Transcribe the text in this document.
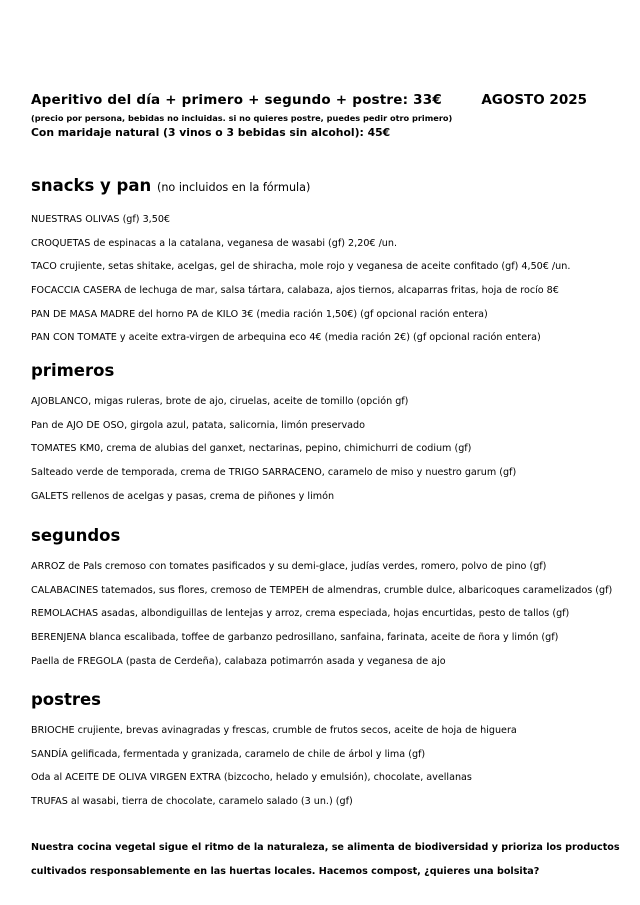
Aperitivo del día + primero + segundo + postre: 33€	AGOSTO 2025
(precio por persona, bebidas no incluidas. si no quieres postre, puedes pedir otro primero)
Con maridaje natural (3 vinos o 3 bebidas sin alcohol): 45€
snacks y pan (no incluidos en la fórmula)
NUESTRAS OLIVAS (gf) 3,50€
CROQUETAS de espinacas a la catalana, veganesa de wasabi (gf) 2,20€ /un.
TACO crujiente, setas shitake, acelgas, gel de shiracha, mole rojo y veganesa de aceite confitado (gf) 4,50€ /un.
FOCACCIA CASERA de lechuga de mar, salsa tártara, calabaza, ajos tiernos, alcaparras fritas, hoja de rocío 8€
PAN DE MASA MADRE del horno PA de KILO 3€ (media ración 1,50€) (gf opcional ración entera)
PAN CON TOMATE y aceite extra-virgen de arbequina eco 4€ (media ración 2€) (gf opcional ración entera)
primeros
AJOBLANCO, migas ruleras, brote de ajo, ciruelas, aceite de tomillo (opción gf)
Pan de AJO DE OSO, girgola azul, patata, salicornia, limón preservado
TOMATES KM0, crema de alubias del ganxet, nectarinas, pepino, chimichurri de codium (gf)
Salteado verde de temporada, crema de TRIGO SARRACENO, caramelo de miso y nuestro garum (gf)
GALETS rellenos de acelgas y pasas, crema de piñones y limón
segundos
ARROZ de Pals cremoso con tomates pasificados y su demi-glace, judías verdes, romero, polvo de pino (gf)
CALABACINES tatemados, sus flores, cremoso de TEMPEH de almendras, crumble dulce, albaricoques caramelizados (gf)
REMOLACHAS asadas, albondiguillas de lentejas y arroz, crema especiada, hojas encurtidas, pesto de tallos (gf)
BERENJENA blanca escalibada, toffee de garbanzo pedrosillano, sanfaina, farinata, aceite de ñora y limón (gf)
Paella de FREGOLA (pasta de Cerdeña), calabaza potimarrón asada y veganesa de ajo
postres
BRIOCHE crujiente, brevas avinagradas y frescas, crumble de frutos secos, aceite de hoja de higuera
SANDÍA gelificada, fermentada y granizada, caramelo de chile de árbol y lima (gf)
Oda al ACEITE DE OLIVA VIRGEN EXTRA (bizcocho, helado y emulsión), chocolate, avellanas
TRUFAS al wasabi, tierra de chocolate, caramelo salado (3 un.) (gf)

Nuestra cocina vegetal sigue el ritmo de la naturaleza, se alimenta de biodiversidad y prioriza los productos

cultivados responsablemente en las huertas locales. Hacemos compost, ¿quieres una bolsita?
